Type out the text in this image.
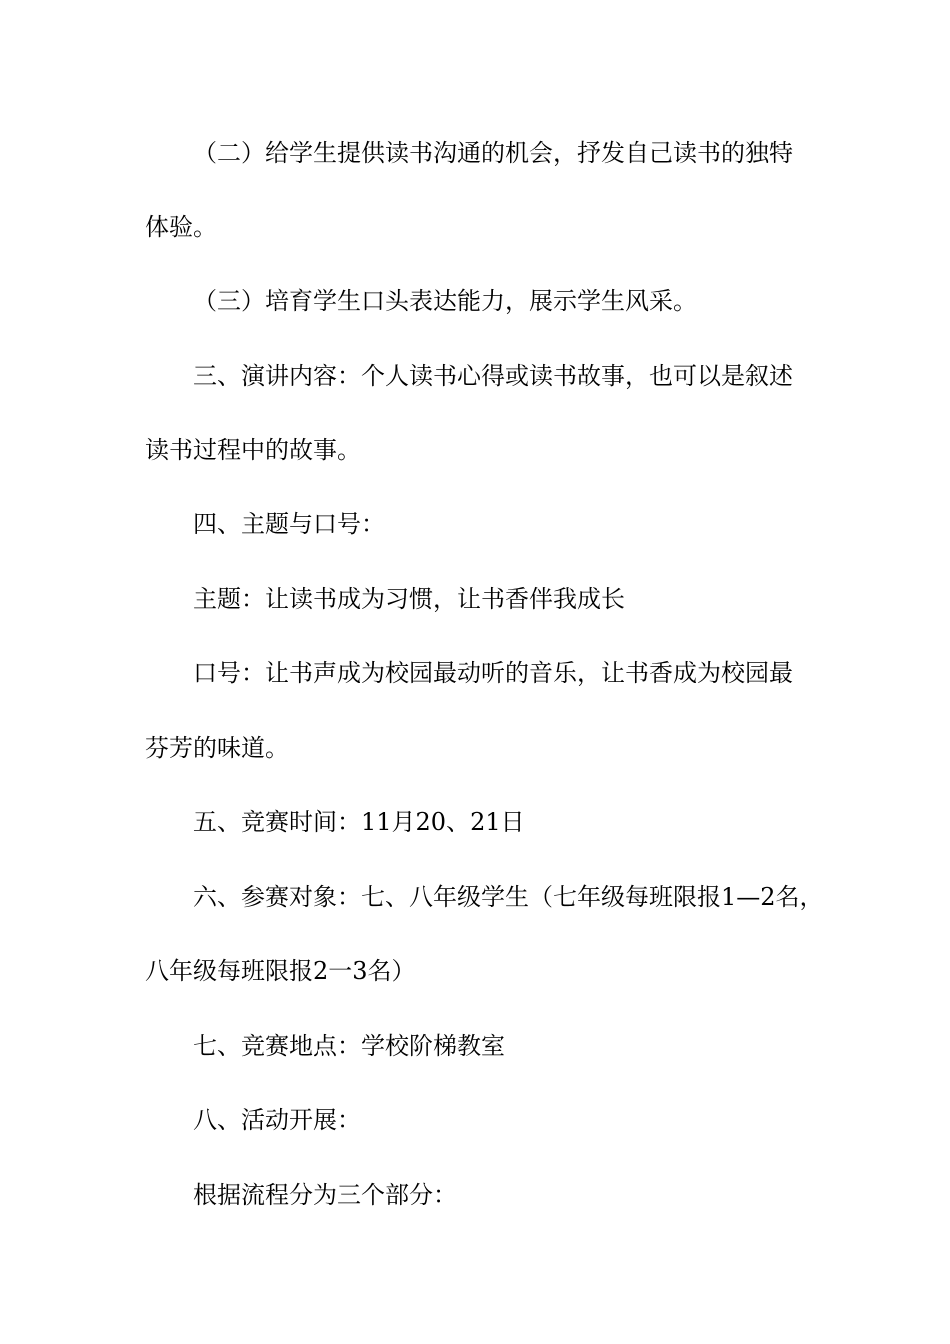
（二）给学生提供读书沟通的机会，抒发自己读书的独特
体验。
（三）培育学生口头表达能力，展示学生风采。
三、演讲内容：个人读书心得或读书故事，也可以是叙述
读书过程中的故事。
四、主题与口号：
主题：让读书成为习惯，让书香伴我成长
口号：让书声成为校园最动听的音乐，让书香成为校园最
芬芳的味道。
五、竞赛时间：11月20、21日
六、参赛对象：七、八年级学生（七年级每班限报1—2名，
八年级每班限报2一3名）
七、竞赛地点：学校阶梯教室
八、活动开展：
根据流程分为三个部分：
